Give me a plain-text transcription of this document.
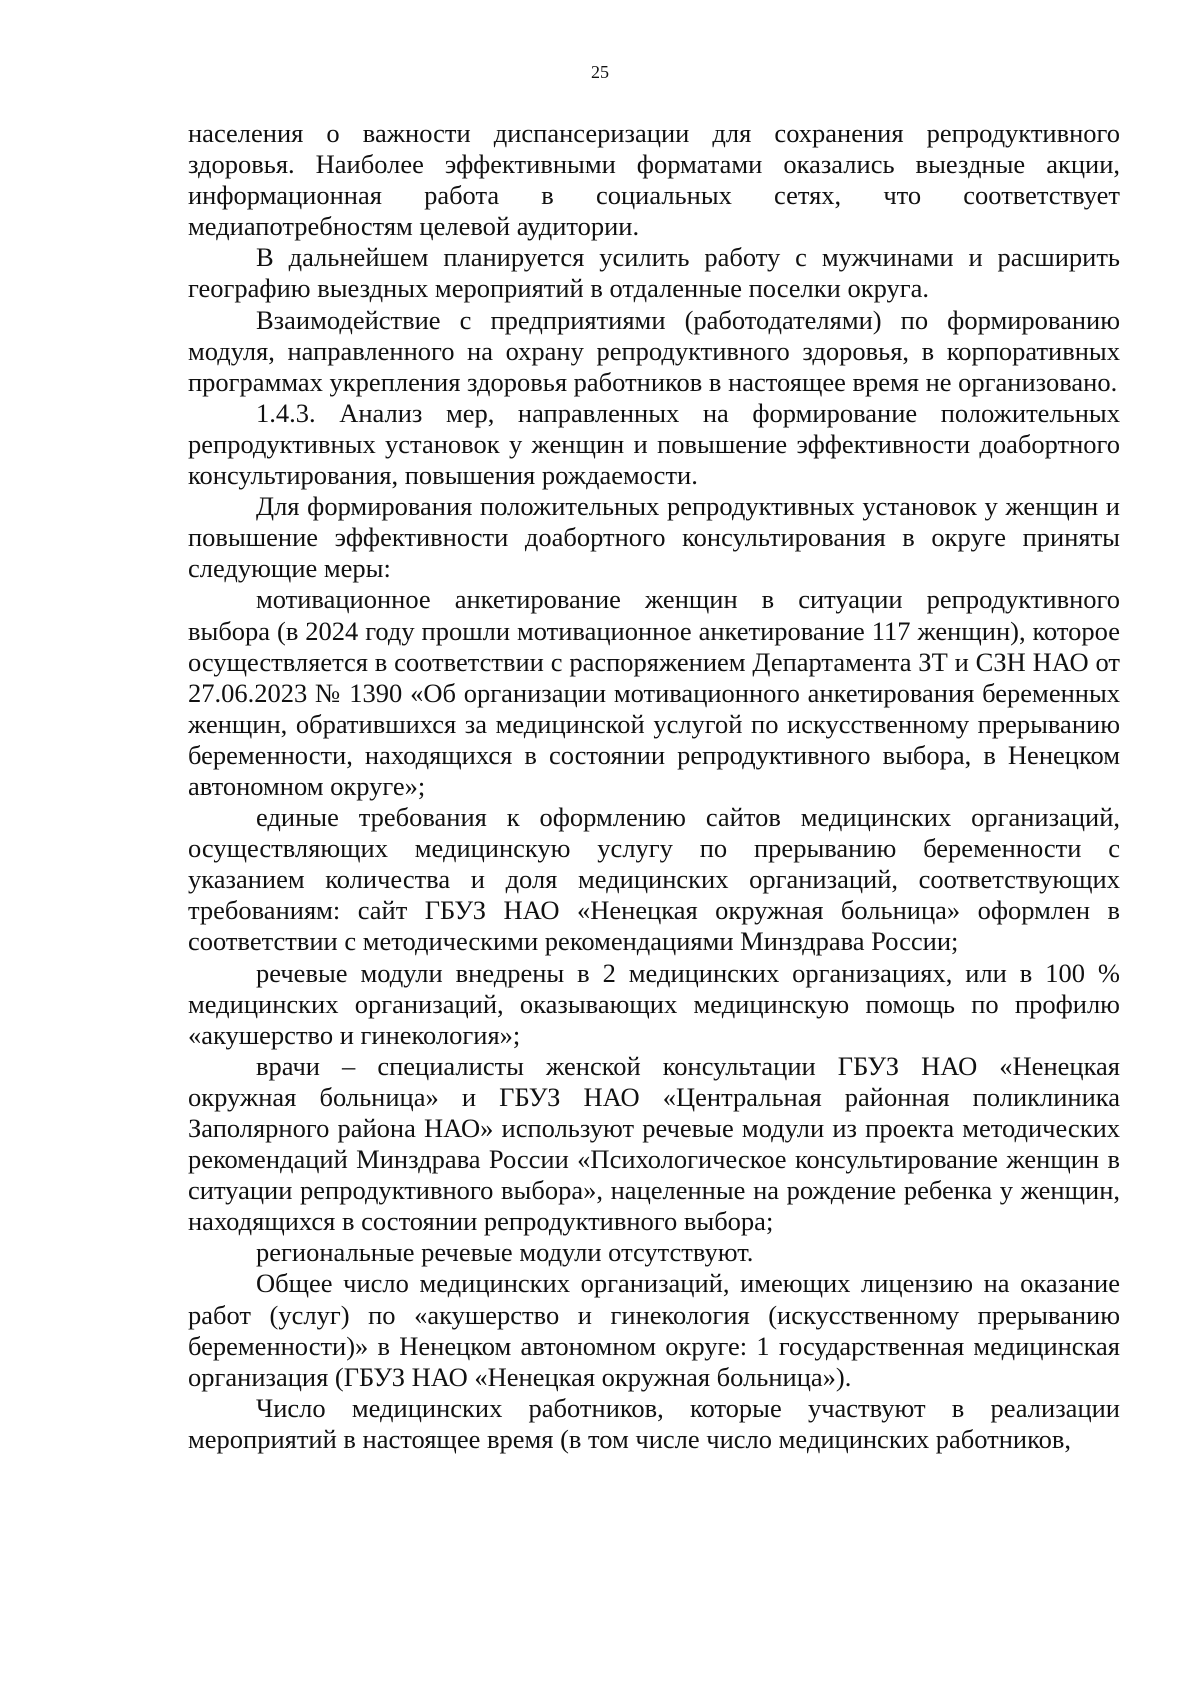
25

населения о важности диспансеризации для сохранения репродуктивного здоровья. Наиболее эффективными форматами оказались выездные акции, информационная работа в социальных сетях, что соответствует медиапотребностям целевой аудитории.

В дальнейшем планируется усилить работу с мужчинами и расширить географию выездных мероприятий в отдаленные поселки округа.

Взаимодействие с предприятиями (работодателями) по формированию модуля, направленного на охрану репродуктивного здоровья, в корпоративных программах укрепления здоровья работников в настоящее время не организовано.

1.4.3. Анализ мер, направленных на формирование положительных репродуктивных установок у женщин и повышение эффективности доабортного консультирования, повышения рождаемости.

Для формирования положительных репродуктивных установок у женщин и повышение эффективности доабортного консультирования в округе приняты следующие меры:

мотивационное анкетирование женщин в ситуации репродуктивного выбора (в 2024 году прошли мотивационное анкетирование 117 женщин), которое осуществляется в соответствии с распоряжением Департамента ЗТ и СЗН НАО от 27.06.2023 № 1390 «Об организации мотивационного анкетирования беременных женщин, обратившихся за медицинской услугой по искусственному прерыванию беременности, находящихся в состоянии репродуктивного выбора, в Ненецком автономном округе»;

единые требования к оформлению сайтов медицинских организаций, осуществляющих медицинскую услугу по прерыванию беременности с указанием количества и доля медицинских организаций, соответствующих требованиям: сайт ГБУЗ НАО «Ненецкая окружная больница» оформлен в соответствии с методическими рекомендациями Минздрава России;

речевые модули внедрены в 2 медицинских организациях, или в 100 % медицинских организаций, оказывающих медицинскую помощь по профилю «акушерство и гинекология»;

врачи – специалисты женской консультации ГБУЗ НАО «Ненецкая окружная больница» и ГБУЗ НАО «Центральная районная поликлиника Заполярного района НАО» используют речевые модули из проекта методических рекомендаций Минздрава России «Психологическое консультирование женщин в ситуации репродуктивного выбора», нацеленные на рождение ребенка у женщин, находящихся в состоянии репродуктивного выбора;

региональные речевые модули отсутствуют.

Общее число медицинских организаций, имеющих лицензию на оказание работ (услуг) по «акушерство и гинекология (искусственному прерыванию беременности)» в Ненецком автономном округе: 1 государственная медицинская организация (ГБУЗ НАО «Ненецкая окружная больница»).

Число медицинских работников, которые участвуют в реализации мероприятий в настоящее время (в том числе число медицинских работников,
